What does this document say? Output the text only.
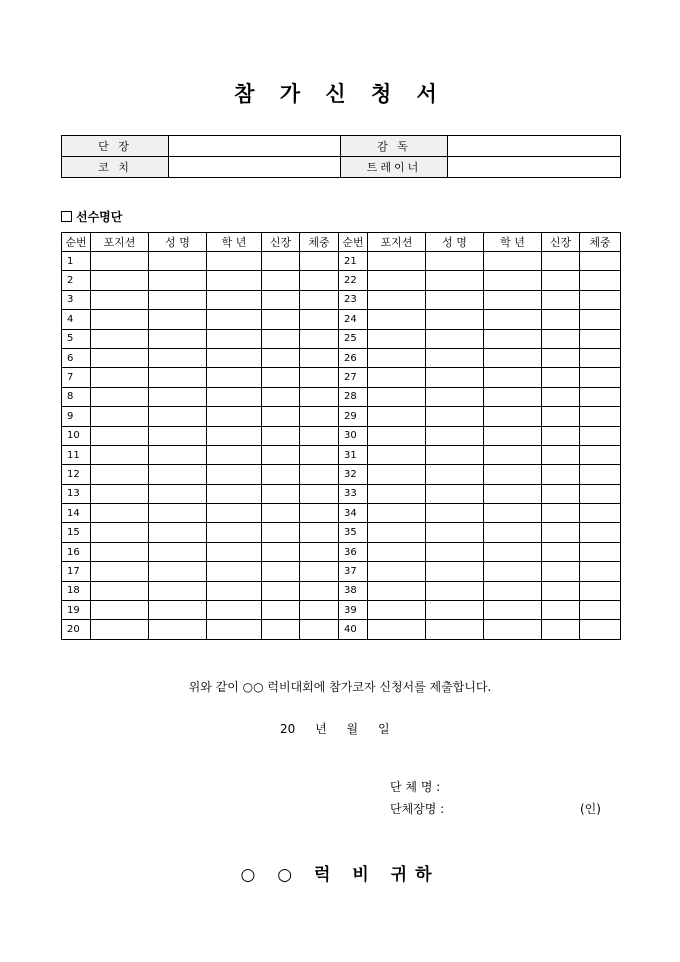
참 가 신 청 서
단 장		감 독	
코 치		트레이너	
선수명단
순번	포지션	성 명	학 년	신장	체중	순번	포지션	성 명	학 년	신장	체중
1						21					
2						22					
3						23					
4						24					
5						25					
6						26					
7						27					
8						28					
9						29					
10						30					
11						31					
12						32					
13						33					
14						34					
15						35					
16						36					
17						37					
18						38					
19						39					
20						40					
위와 같이 ○○ 럭비대회에 참가코자 신청서를 제출합니다.
20 년 월 일
단 체 명 :
단체장명 :	(인)
○ ○ 럭 비 귀하
